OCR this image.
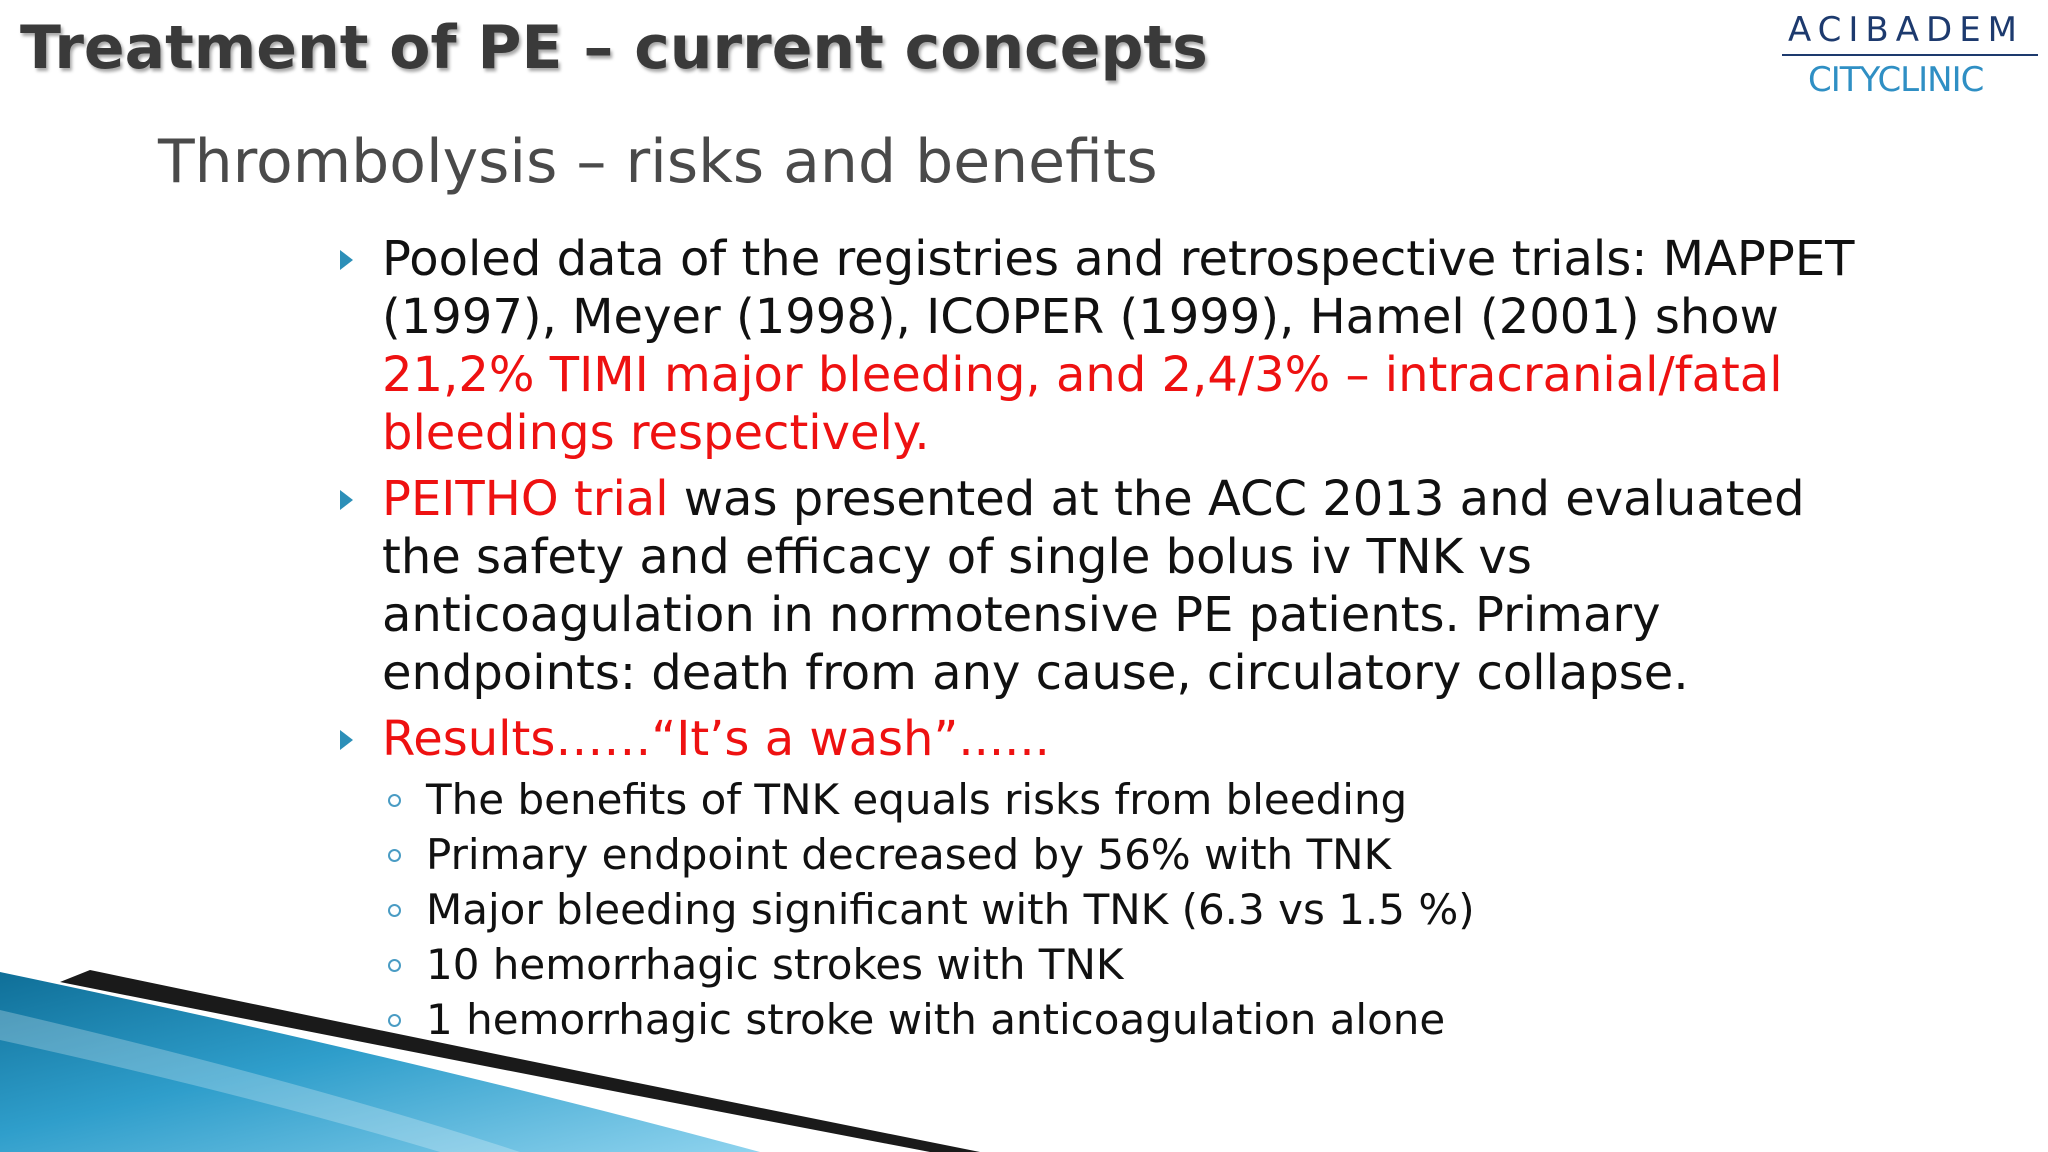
Treatment of PE – current concepts	ACIBADEM
CITYCLINIC
Thrombolysis – risks and benefits
Pooled data of the registries and retrospective trials: MAPPET
(1997), Meyer (1998), ICOPER (1999), Hamel (2001) show
21,2% TIMI major bleeding, and 2,4/3% – intracranial/fatal
bleedings respectively.
PEITHO trial was presented at the ACC 2013 and evaluated
the safety and efficacy of single bolus iv TNK vs
anticoagulation in normotensive PE patients. Primary
endpoints: death from any cause, circulatory collapse.
Results……“It’s a wash”......
The benefits of TNK equals risks from bleeding
Primary endpoint decreased by 56% with TNK
Major bleeding significant with TNK (6.3 vs 1.5 %)
10 hemorrhagic strokes with TNK
1 hemorrhagic stroke with anticoagulation alone
